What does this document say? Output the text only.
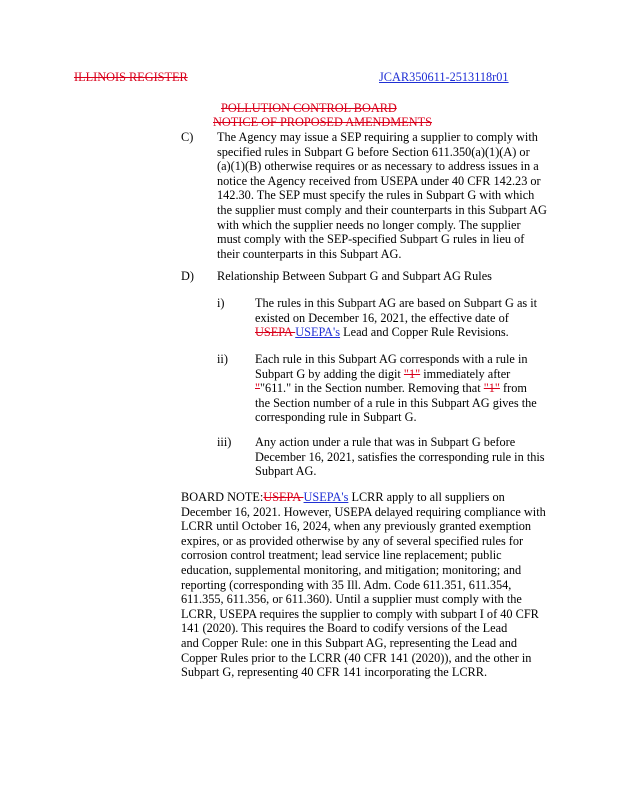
ILLINOIS REGISTER	JCAR350611-2513118r01
POLLUTION CONTROL BOARD
NOTICE OF PROPOSED AMENDMENTS
C) The Agency may issue a SEP requiring a supplier to comply with
specified rules in Subpart G before Section 611.350(a)(1)(A) or
(a)(1)(B) otherwise requires or as necessary to address issues in a
notice the Agency received from USEPA under 40 CFR 142.23 or
142.30. The SEP must specify the rules in Subpart G with which
the supplier must comply and their counterparts in this Subpart AG
with which the supplier needs no longer comply. The supplier
must comply with the SEP-specified Subpart G rules in lieu of
their counterparts in this Subpart AG.
D) Relationship Between Subpart G and Subpart AG Rules
i) The rules in this Subpart AG are based on Subpart G as it
existed on December 16, 2021, the effective date of
USEPA USEPA's Lead and Copper Rule Revisions.
ii) Each rule in this Subpart AG corresponds with a rule in
Subpart G by adding the digit "1" immediately after
""611." in the Section number. Removing that "1" from
the Section number of a rule in this Subpart AG gives the
corresponding rule in Subpart G.
iii) Any action under a rule that was in Subpart G before
December 16, 2021, satisfies the corresponding rule in this
Subpart AG.
BOARD NOTE:USEPA USEPA's LCRR apply to all suppliers on
December 16, 2021. However, USEPA delayed requiring compliance with
LCRR until October 16, 2024, when any previously granted exemption
expires, or as provided otherwise by any of several specified rules for
corrosion control treatment; lead service line replacement; public
education, supplemental monitoring, and mitigation; monitoring; and
reporting (corresponding with 35 Ill. Adm. Code 611.351, 611.354,
611.355, 611.356, or 611.360). Until a supplier must comply with the
LCRR, USEPA requires the supplier to comply with subpart I of 40 CFR
141 (2020). This requires the Board to codify versions of the Lead
and Copper Rule: one in this Subpart AG, representing the Lead and
Copper Rules prior to the LCRR (40 CFR 141 (2020)), and the other in
Subpart G, representing 40 CFR 141 incorporating the LCRR.
